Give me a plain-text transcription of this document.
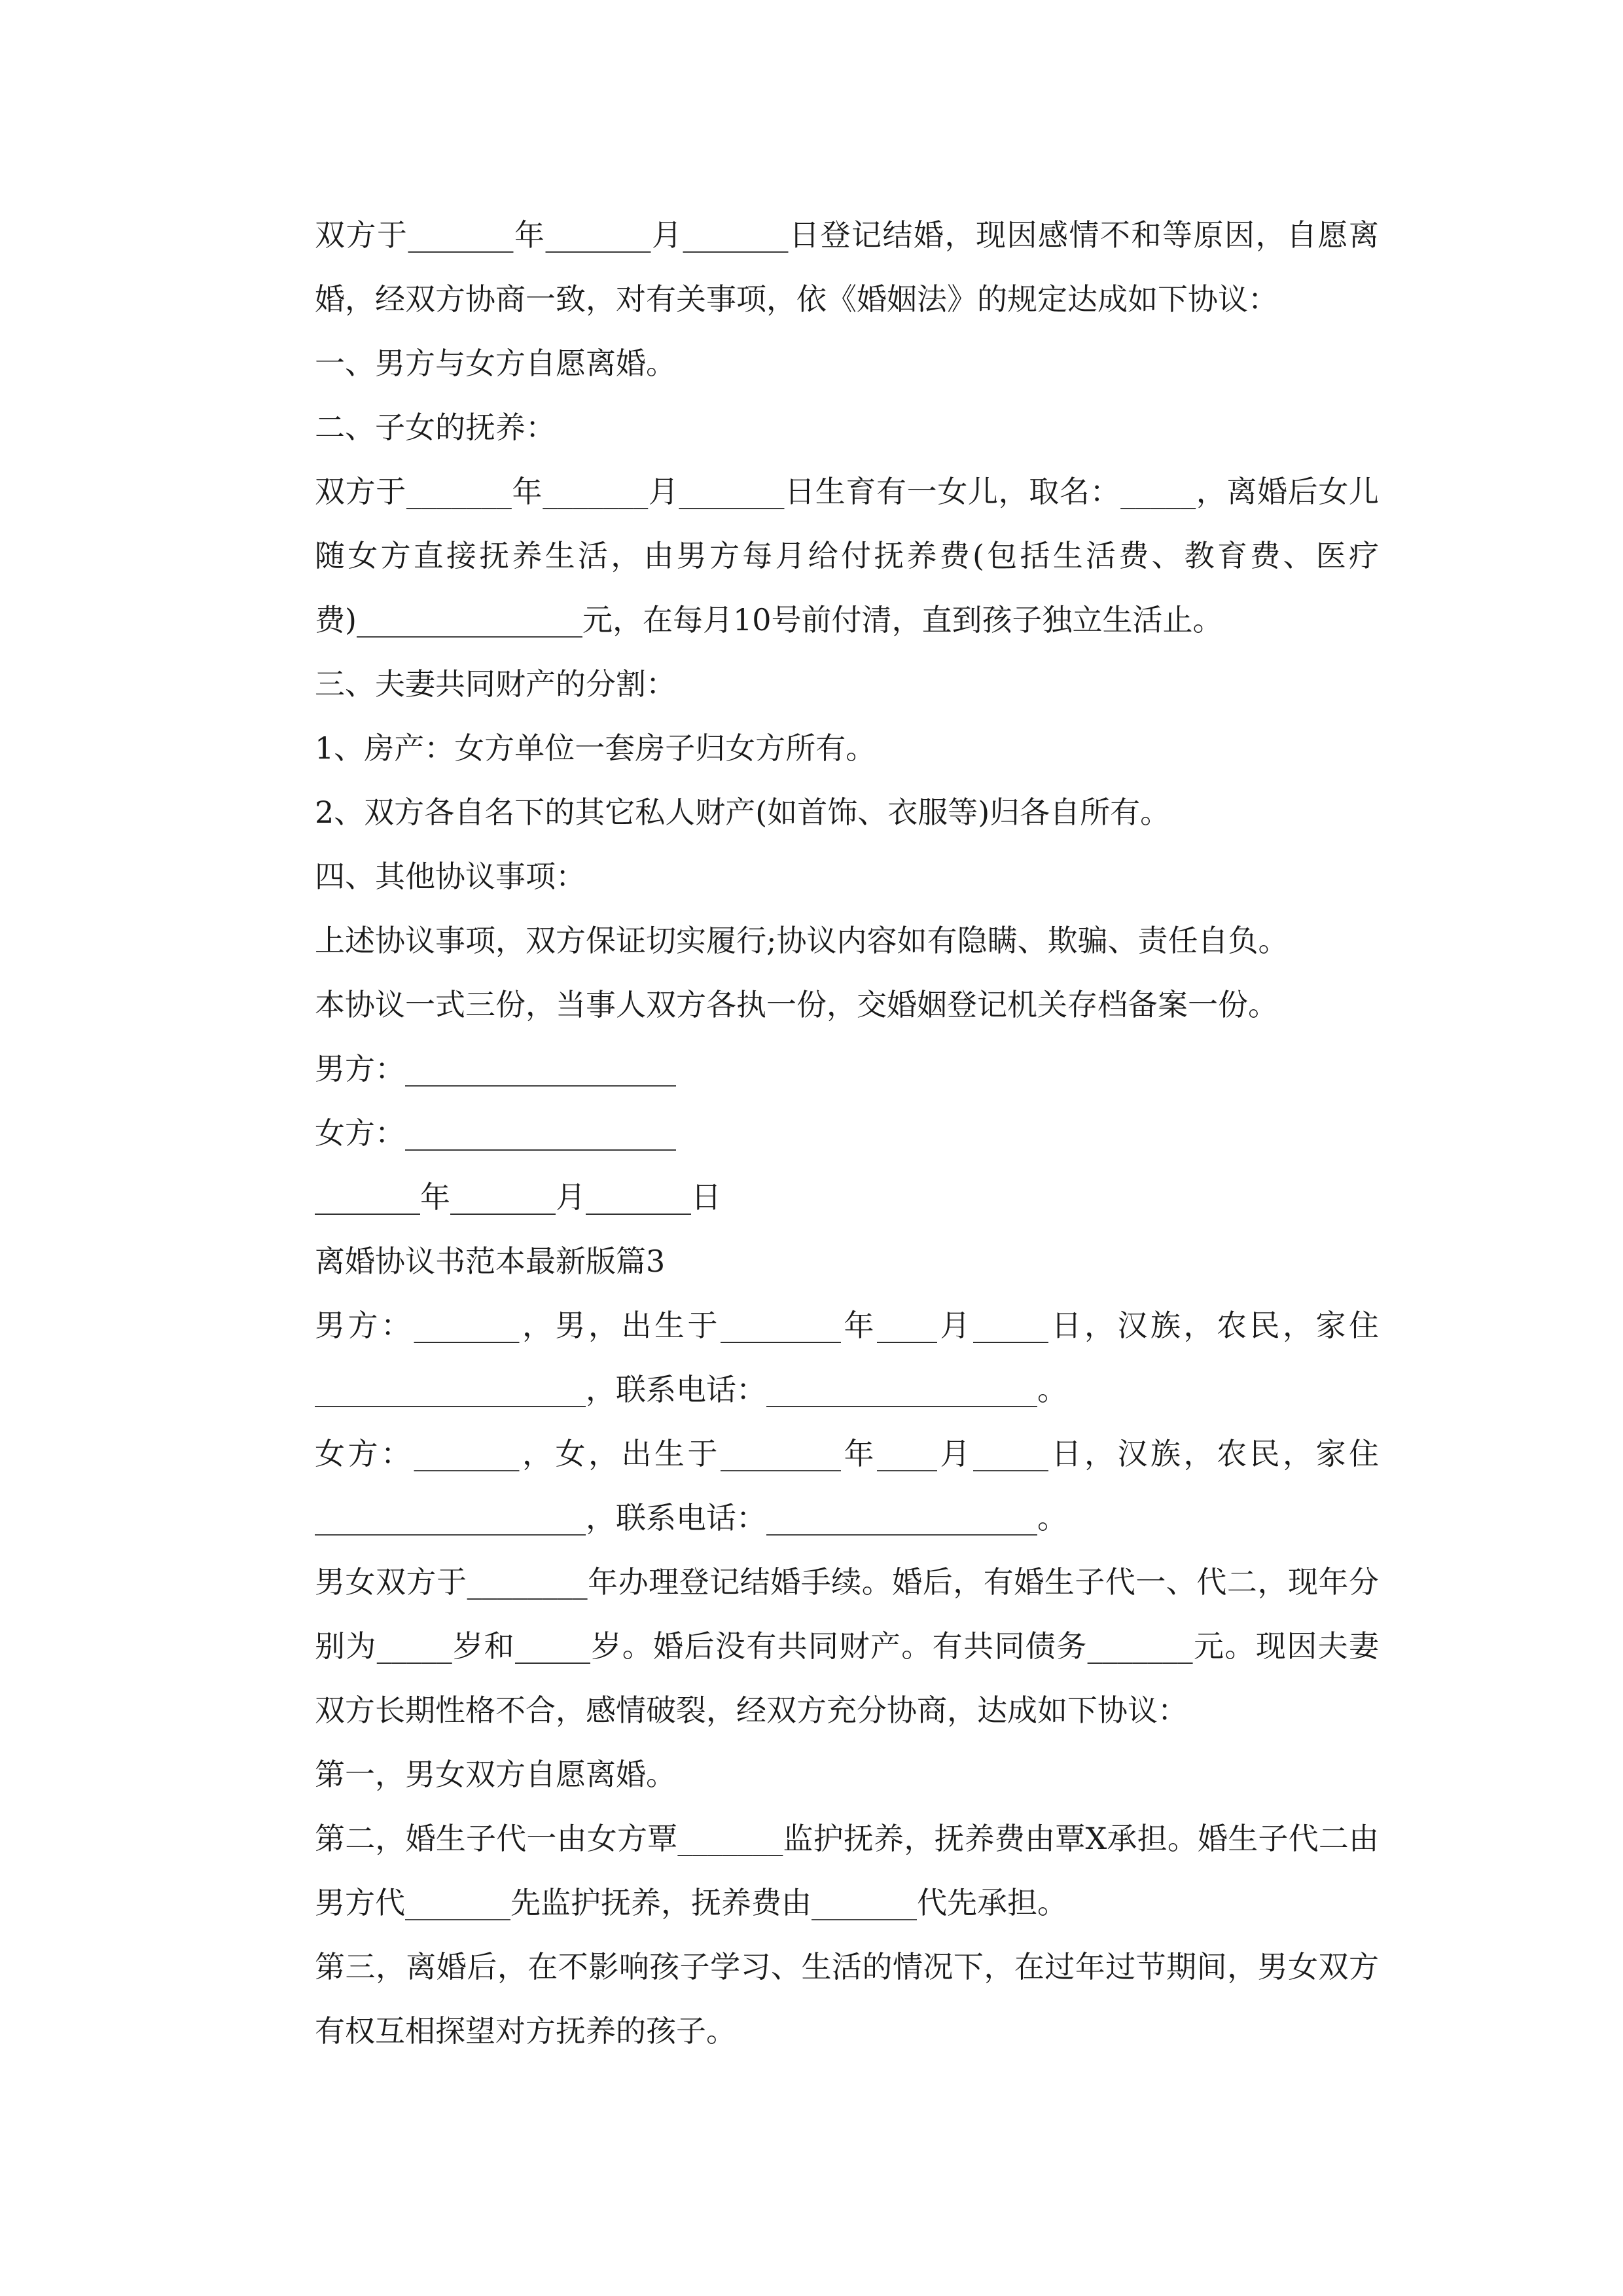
双方于_______年_______月_______日登记结婚，现因感情不和等原因，自愿离婚，经双方协商一致，对有关事项，依《婚姻法》的规定达成如下协议：

一、男方与女方自愿离婚。

二、子女的抚养：

双方于_______年_______月_______日生育有一女儿，取名：_____，离婚后女儿随女方直接抚养生活，由男方每月给付抚养费(包括生活费、教育费、医疗费)_______________元，在每月10号前付清，直到孩子独立生活止。

三、夫妻共同财产的分割：

1、房产：女方单位一套房子归女方所有。

2、双方各自名下的其它私人财产(如首饰、衣服等)归各自所有。

四、其他协议事项：

上述协议事项，双方保证切实履行;协议内容如有隐瞒、欺骗、责任自负。

本协议一式三份，当事人双方各执一份，交婚姻登记机关存档备案一份。

男方：__________________

女方：__________________

_______年_______月_______日

离婚协议书范本最新版篇3

男方：_______，男，出生于________年____月_____日，汉族，农民，家住__________________，联系电话：__________________。

女方：_______，女，出生于________年____月_____日，汉族，农民，家住__________________，联系电话：__________________。

男女双方于________年办理登记结婚手续。婚后，有婚生子代一、代二，现年分别为_____岁和_____岁。婚后没有共同财产。有共同债务_______元。现因夫妻双方长期性格不合，感情破裂，经双方充分协商，达成如下协议：

第一，男女双方自愿离婚。

第二，婚生子代一由女方覃_______监护抚养，抚养费由覃X承担。婚生子代二由男方代_______先监护抚养，抚养费由_______代先承担。

第三，离婚后，在不影响孩子学习、生活的情况下，在过年过节期间，男女双方有权互相探望对方抚养的孩子。
